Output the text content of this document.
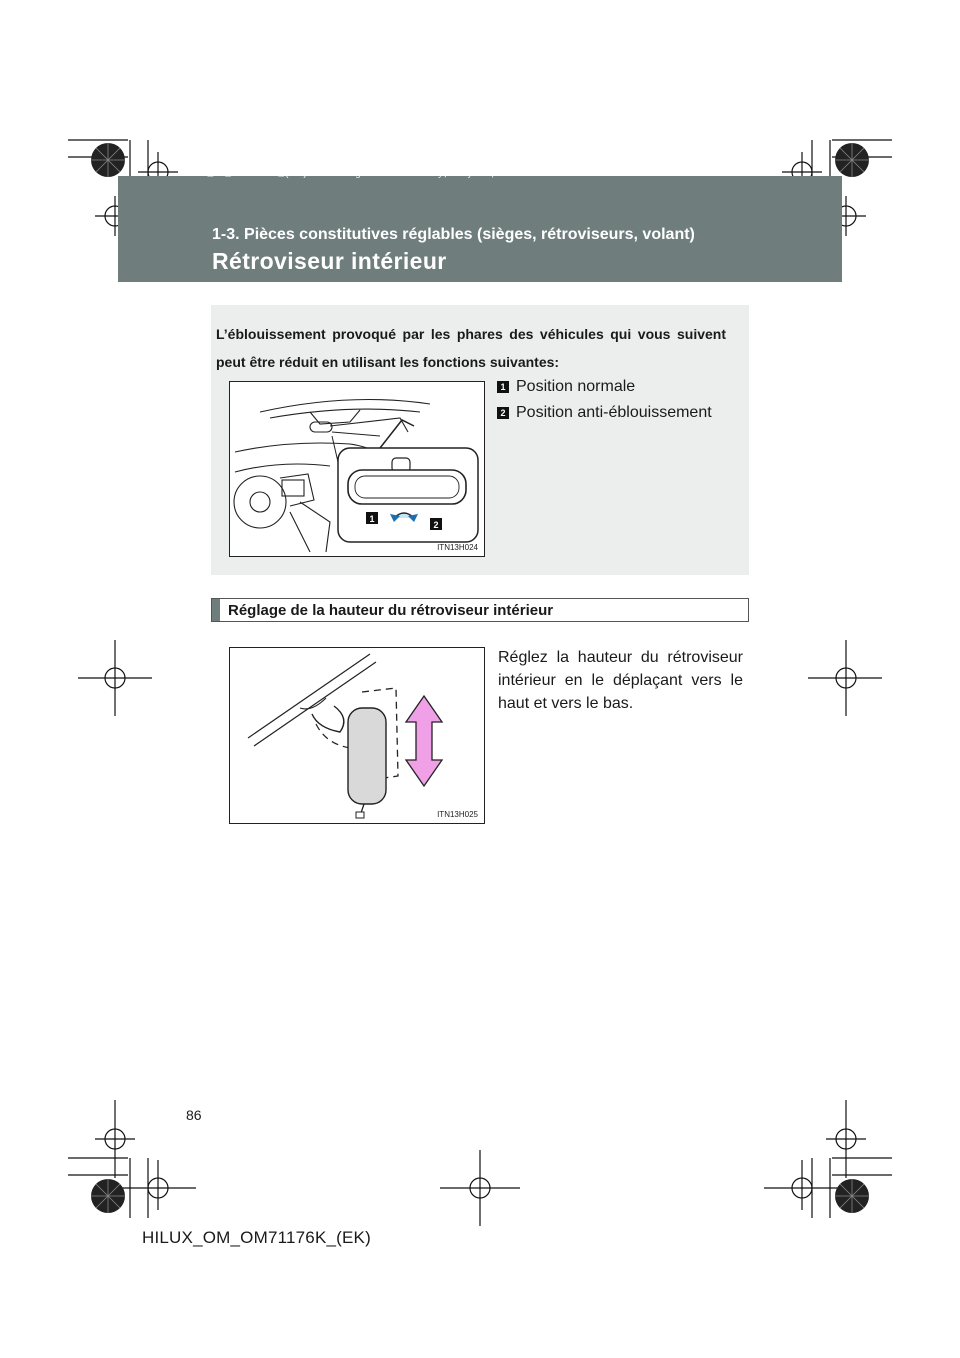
HILUX_OM_OM71176K_(EK).book Page 86 Wednesday, May 16, 2012 2:32 PM
1-3. Pièces constitutives réglables (sièges, rétroviseurs, volant)
Rétroviseur intérieur
L’éblouissement provoqué par les phares des véhicules qui vous suivent peut être réduit en utilisant les fonctions suivantes:
1
2
ITN13H024
1 Position normale
2 Position anti-éblouissement
Réglage de la hauteur du rétroviseur intérieur
ITN13H025
Réglez la hauteur du rétroviseur intérieur en le déplaçant vers le haut et vers le bas.
86
HILUX_OM_OM71176K_(EK)
